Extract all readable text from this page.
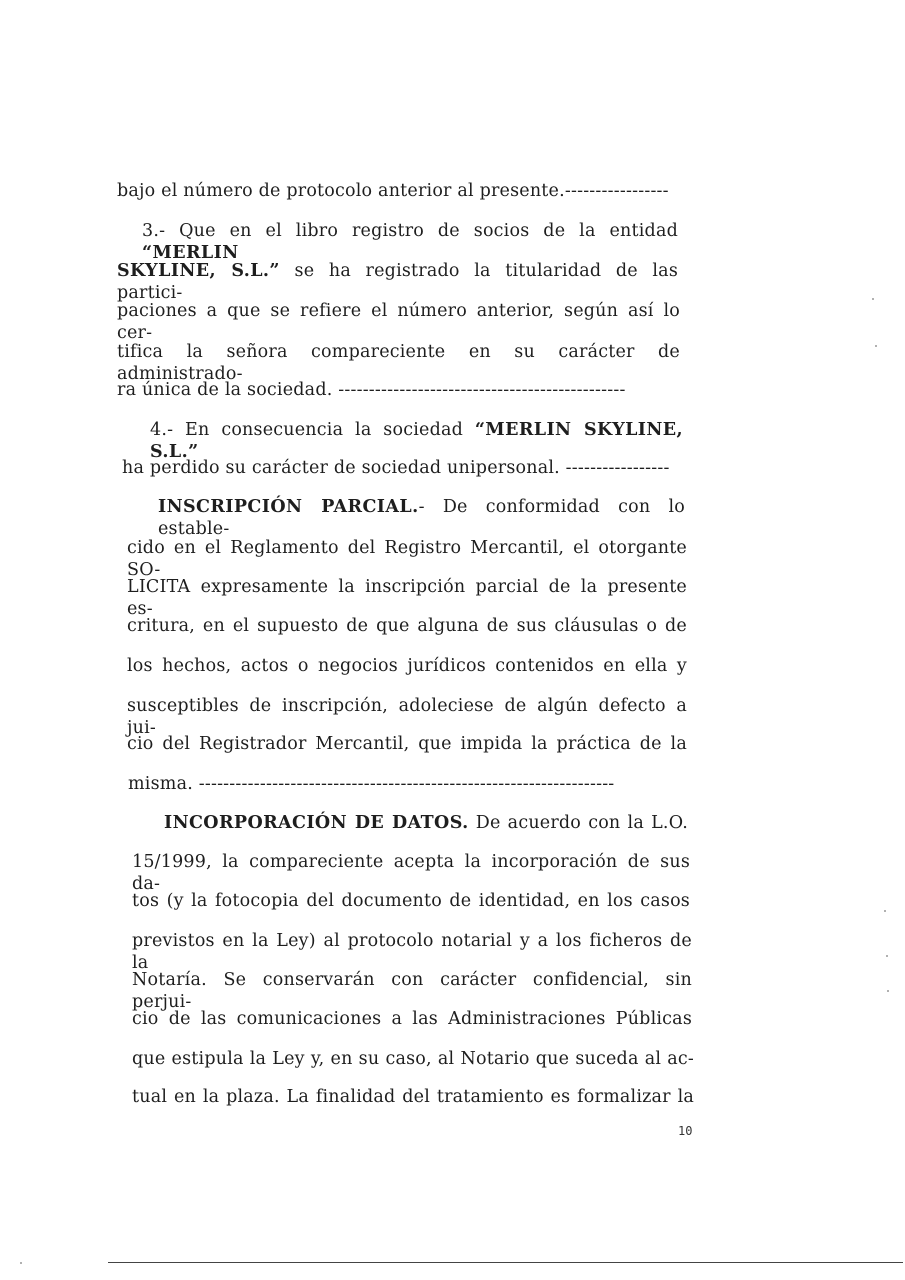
bajo el número de protocolo anterior al presente.-----------------
3.- Que en el libro registro de socios de la entidad “MERLIN
SKYLINE, S.L.” se ha registrado la titularidad de las partici-
paciones a que se refiere el número anterior, según así lo cer-
tifica la señora compareciente en su carácter de administrado-
ra única de la sociedad. -----------------------------------------------
4.- En consecuencia la sociedad “MERLIN SKYLINE, S.L.”
ha perdido su carácter de sociedad unipersonal. -----------------
INSCRIPCIÓN PARCIAL.- De conformidad con lo estable-
cido en el Reglamento del Registro Mercantil, el otorgante SO-
LICITA expresamente la inscripción parcial de la presente es-
critura, en el supuesto de que alguna de sus cláusulas o de
los hechos, actos o negocios jurídicos contenidos en ella y
susceptibles de inscripción, adoleciese de algún defecto a jui-
cio del Registrador Mercantil, que impida la práctica de la
misma. --------------------------------------------------------------------
INCORPORACIÓN DE DATOS. De acuerdo con la L.O.
15/1999, la compareciente acepta la incorporación de sus da-
tos (y la fotocopia del documento de identidad, en los casos
previstos en la Ley) al protocolo notarial y a los ficheros de la
Notaría. Se conservarán con carácter confidencial, sin perjui-
cio de las comunicaciones a las Administraciones Públicas
que estipula la Ley y, en su caso, al Notario que suceda al ac-
tual en la plaza. La finalidad del tratamiento es formalizar la
10
